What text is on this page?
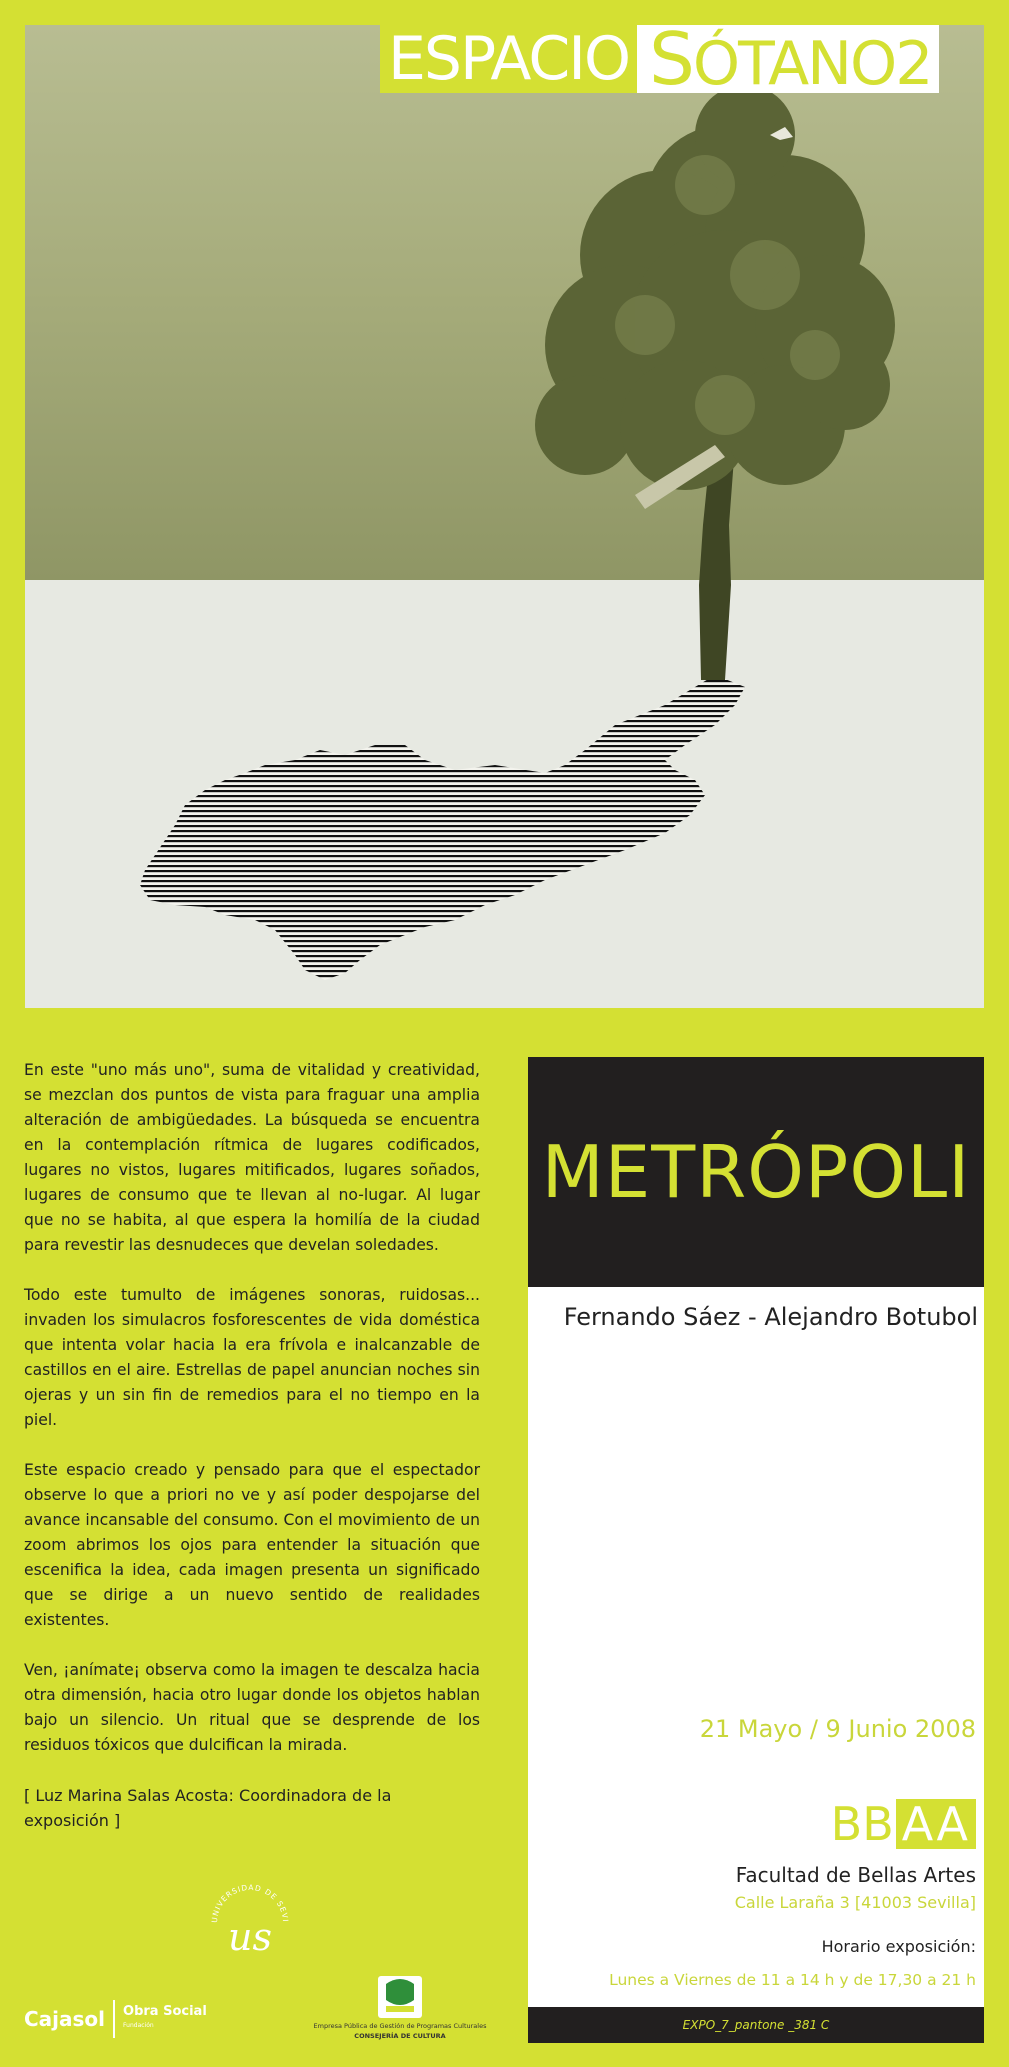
ESPACIO SÓTANO2

En este "uno más uno", suma de vitalidad y creatividad, se mezclan dos puntos de vista para fraguar una amplia alteración de ambigüedades. La búsqueda se encuentra en la contemplación rítmica de lugares codificados, lugares no vistos, lugares mitificados, lugares soñados, lugares de consumo que te llevan al no-lugar. Al lugar que no se habita, al que espera la homilía de la ciudad para revestir las desnudeces que develan soledades.

Todo este tumulto de imágenes sonoras, ruidosas... invaden los simulacros fosforescentes de vida doméstica que intenta volar hacia la era frívola e inalcanzable de castillos en el aire. Estrellas de papel anuncian noches sin ojeras y un sin fin de remedios para el no tiempo en la piel.

Este espacio creado y pensado para que el espectador observe lo que a priori no ve y así poder despojarse del avance incansable del consumo. Con el movimiento de un zoom abrimos los ojos para entender la situación que escenifica la idea, cada imagen presenta un significado que se dirige a un nuevo sentido de realidades existentes.

Ven, ¡anímate¡ observa como la imagen te descalza hacia otra dimensión, hacia otro lugar donde los objetos hablan bajo un silencio. Un ritual que se desprende de los residuos tóxicos que dulcifican la mirada.

[ Luz Marina Salas Acosta: Coordinadora de la exposición ]

METRÓPOLI
Fernando Sáez - Alejandro Botubol
21 Mayo / 9 Junio 2008
BB AA
Facultad de Bellas Artes
Calle Laraña 3 [41003 Sevilla]
Horario exposición:
Lunes a Viernes de 11 a 14 h y de 17,30 a 21 h
EXPO_7_pantone _381 C
UNIVERSIDAD DE SEVI
us
Cajasol Obra Social
Fundación	Empresa Pública de Gestión de Programas Culturales
CONSEJERÍA DE CULTURA
